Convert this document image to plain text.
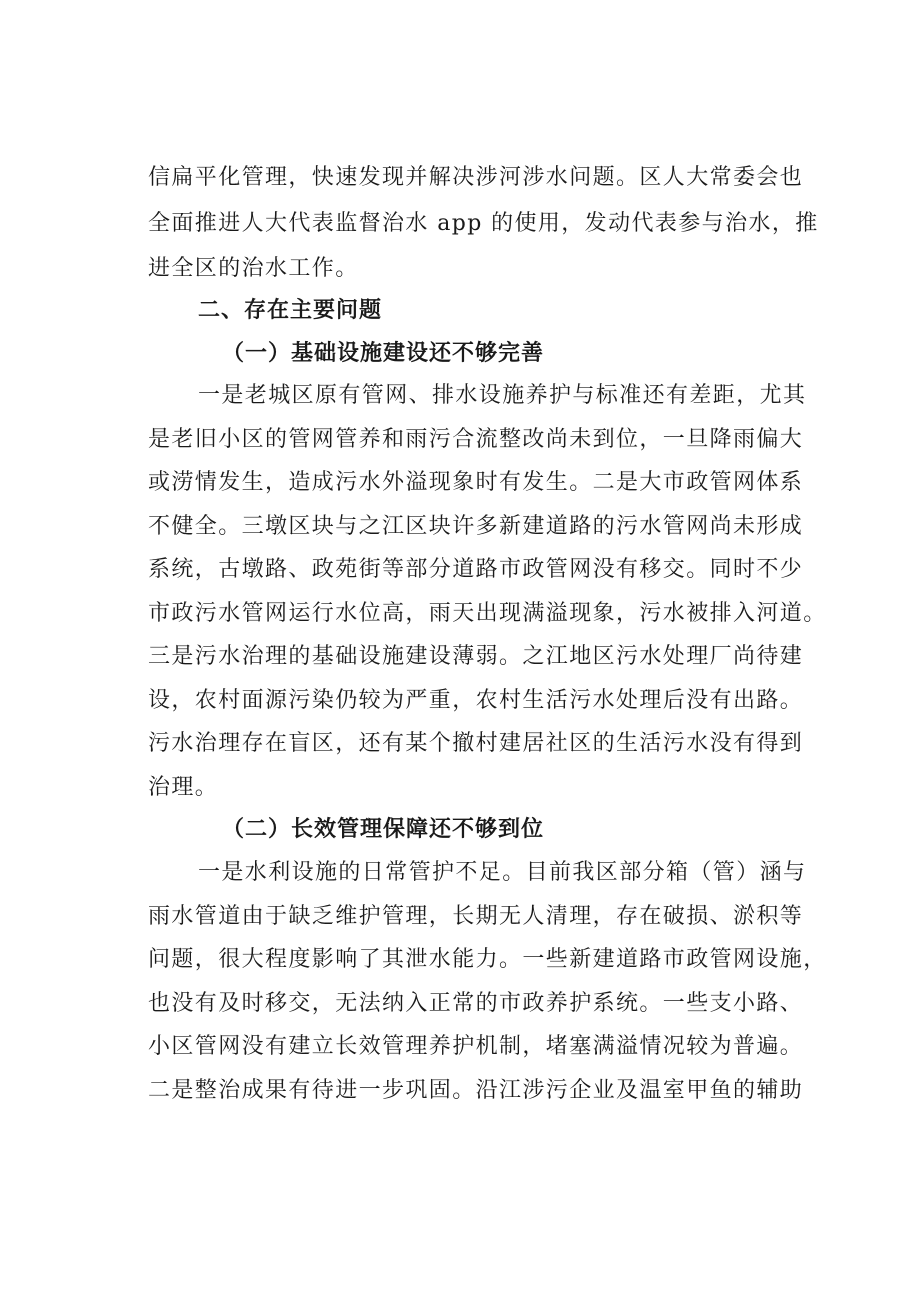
信扁平化管理，快速发现并解决涉河涉水问题。区人大常委会也
全面推进人大代表监督治水 app 的使用，发动代表参与治水，推
进全区的治水工作。
二、存在主要问题
（一）基础设施建设还不够完善
一是老城区原有管网、排水设施养护与标准还有差距，尤其
是老旧小区的管网管养和雨污合流整改尚未到位，一旦降雨偏大
或涝情发生，造成污水外溢现象时有发生。二是大市政管网体系
不健全。三墩区块与之江区块许多新建道路的污水管网尚未形成
系统，古墩路、政苑街等部分道路市政管网没有移交。同时不少
市政污水管网运行水位高，雨天出现满溢现象，污水被排入河道。
三是污水治理的基础设施建设薄弱。之江地区污水处理厂尚待建
设，农村面源污染仍较为严重，农村生活污水处理后没有出路。
污水治理存在盲区，还有某个撤村建居社区的生活污水没有得到
治理。
（二）长效管理保障还不够到位
一是水利设施的日常管护不足。目前我区部分箱（管）涵与
雨水管道由于缺乏维护管理，长期无人清理，存在破损、淤积等
问题，很大程度影响了其泄水能力。一些新建道路市政管网设施，
也没有及时移交，无法纳入正常的市政养护系统。一些支小路、
小区管网没有建立长效管理养护机制，堵塞满溢情况较为普遍。
二是整治成果有待进一步巩固。沿江涉污企业及温室甲鱼的辅助
